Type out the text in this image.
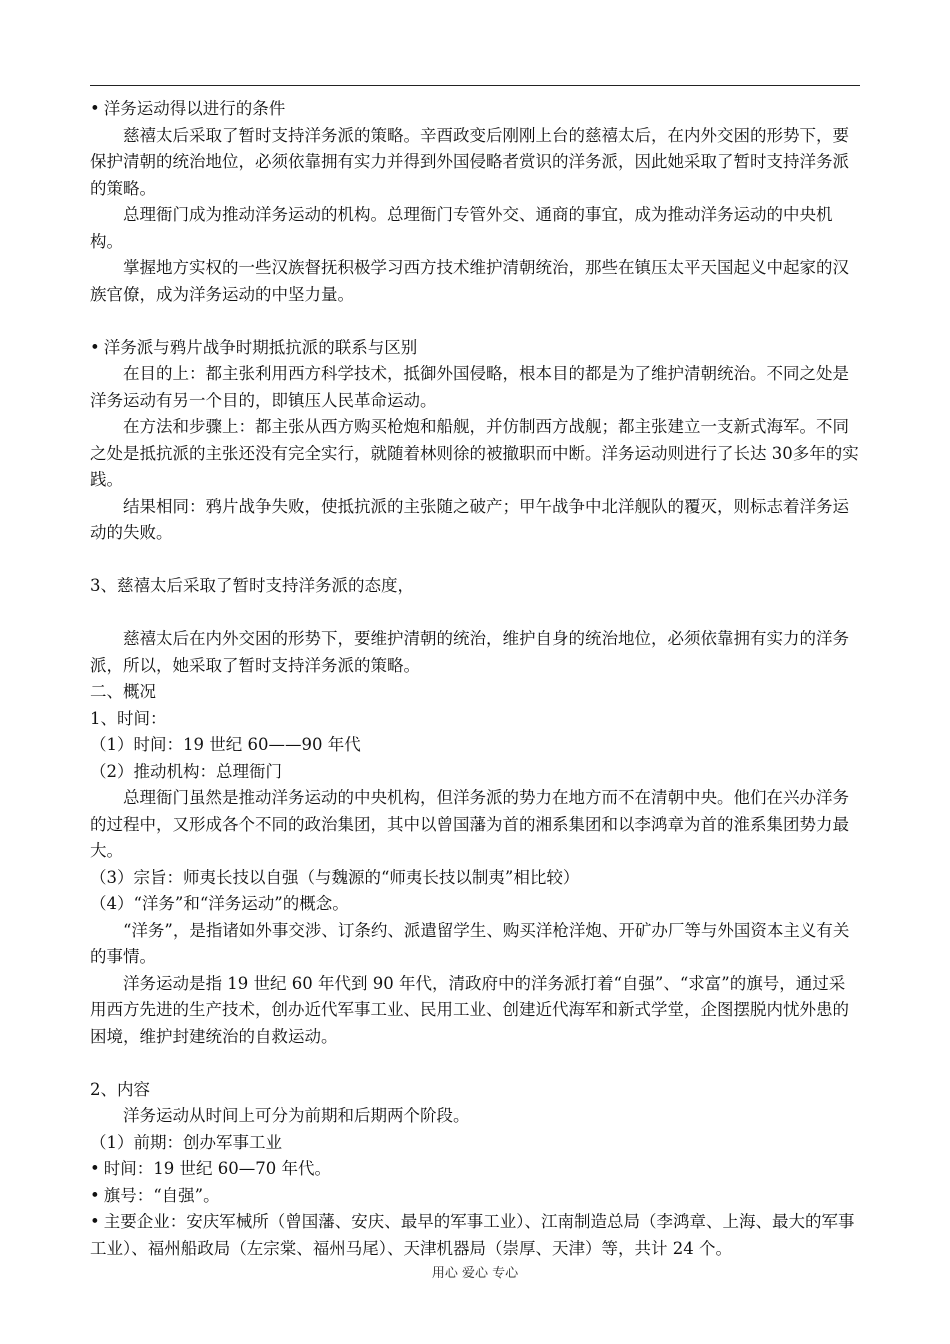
• 洋务运动得以进行的条件

慈禧太后采取了暂时支持洋务派的策略。辛酉政变后刚刚上台的慈禧太后，在内外交困的形势下，要保护清朝的统治地位，必须依靠拥有实力并得到外国侵略者赏识的洋务派，因此她采取了暂时支持洋务派的策略。

总理衙门成为推动洋务运动的机构。总理衙门专管外交、通商的事宜，成为推动洋务运动的中央机构。

掌握地方实权的一些汉族督抚积极学习西方技术维护清朝统治，那些在镇压太平天国起义中起家的汉族官僚，成为洋务运动的中坚力量。

• 洋务派与鸦片战争时期抵抗派的联系与区别

在目的上：都主张利用西方科学技术，抵御外国侵略，根本目的都是为了维护清朝统治。不同之处是洋务运动有另一个目的，即镇压人民革命运动。

在方法和步骤上：都主张从西方购买枪炮和船舰，并仿制西方战舰；都主张建立一支新式海军。不同之处是抵抗派的主张还没有完全实行，就随着林则徐的被撤职而中断。洋务运动则进行了长达 30多年的实践。

结果相同：鸦片战争失败，使抵抗派的主张随之破产；甲午战争中北洋舰队的覆灭，则标志着洋务运动的失败。

3、慈禧太后采取了暂时支持洋务派的态度，

慈禧太后在内外交困的形势下，要维护清朝的统治，维护自身的统治地位，必须依靠拥有实力的洋务派，所以，她采取了暂时支持洋务派的策略。

二、概况

1、时间：

（1）时间：19 世纪 60——90 年代

（2）推动机构：总理衙门

总理衙门虽然是推动洋务运动的中央机构，但洋务派的势力在地方而不在清朝中央。他们在兴办洋务的过程中，又形成各个不同的政治集团，其中以曾国藩为首的湘系集团和以李鸿章为首的淮系集团势力最大。

（3）宗旨：师夷长技以自强（与魏源的“师夷长技以制夷”相比较）

（4）“洋务”和“洋务运动”的概念。

“洋务”，是指诸如外事交涉、订条约、派遣留学生、购买洋枪洋炮、开矿办厂等与外国资本主义有关的事情。

洋务运动是指 19 世纪 60 年代到 90 年代，清政府中的洋务派打着“自强”、“求富”的旗号，通过采用西方先进的生产技术，创办近代军事工业、民用工业、创建近代海军和新式学堂，企图摆脱内忧外患的困境，维护封建统治的自救运动。

2、内容

洋务运动从时间上可分为前期和后期两个阶段。

（1）前期：创办军事工业

• 时间：19 世纪 60—70 年代。

• 旗号：“自强”。

• 主要企业：安庆军械所（曾国藩、安庆、最早的军事工业）、江南制造总局（李鸿章、上海、最大的军事工业）、福州船政局（左宗棠、福州马尾）、天津机器局（崇厚、天津）等，共计 24 个。

用心 爱心 专心
